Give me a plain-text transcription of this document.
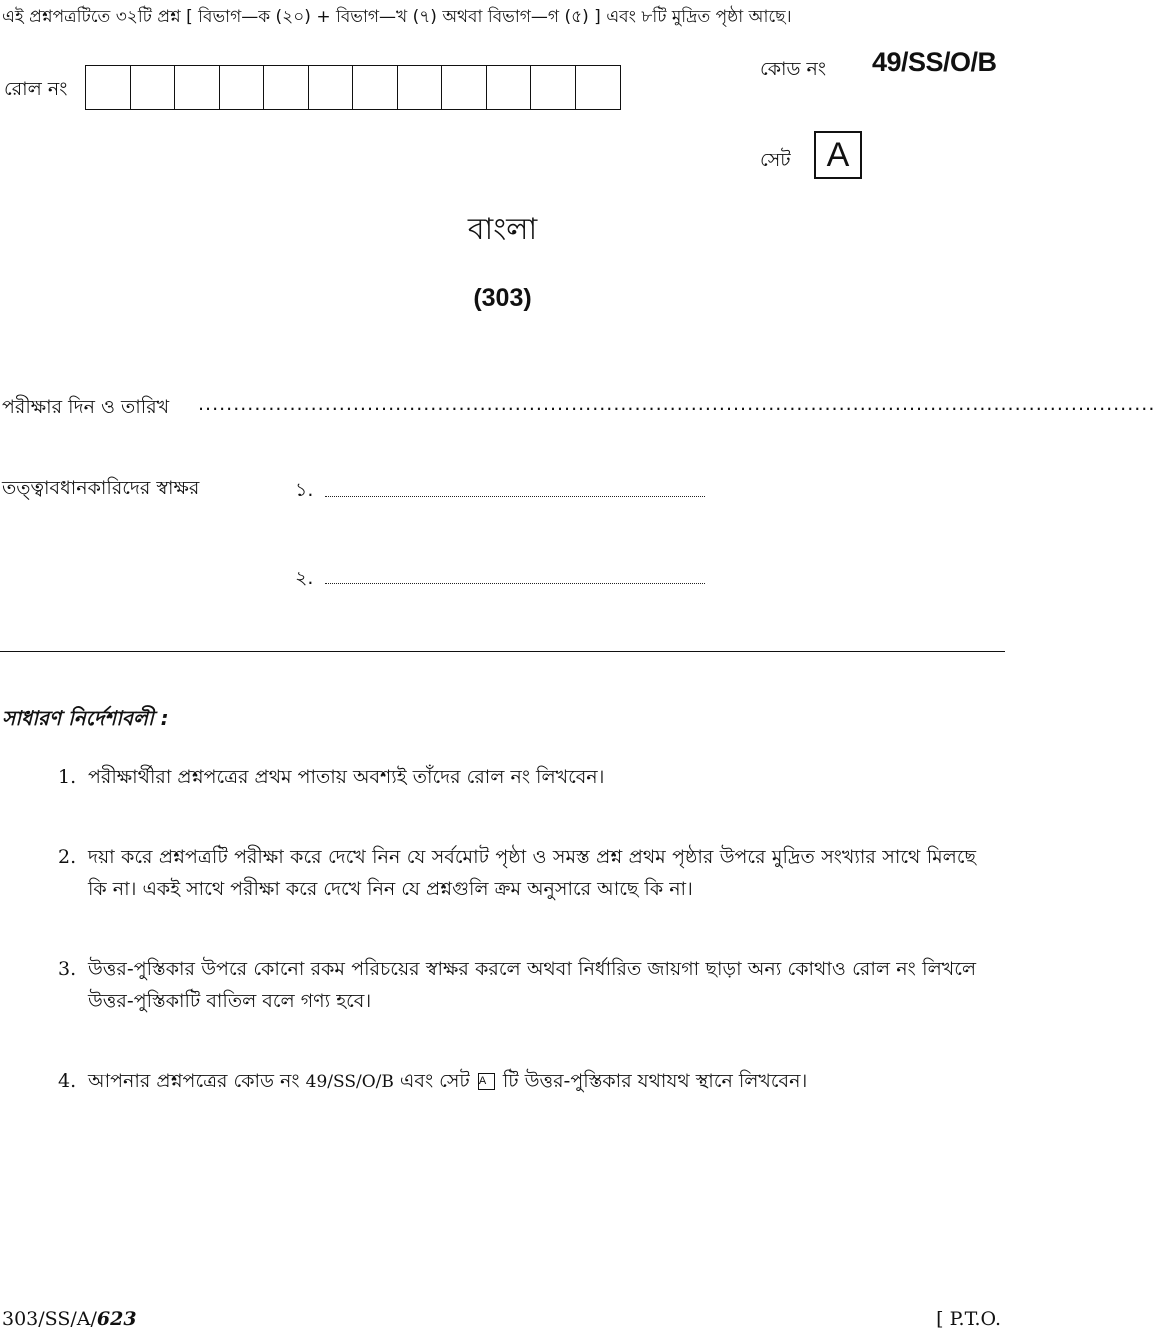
এই প্রশ্নপত্রটিতে ৩২টি প্রশ্ন [ বিভাগ—ক (২০) + বিভাগ—খ (৭) অথবা বিভাগ—গ (৫) ] এবং ৮টি মুদ্রিত পৃষ্ঠা আছে।
রোল নং
কোড নং 49/SS/O/B
সেট	A
বাংলা
(303)
পরীক্ষার দিন ও তারিখ ........................................................................................................................................
তত্ত্বাবধানকারিদের স্বাক্ষর	১.
২.
সাধারণ নির্দেশাবলী :
1. পরীক্ষার্থীরা প্রশ্নপত্রের প্রথম পাতায় অবশ্যই তাঁদের রোল নং লিখবেন।
2. দয়া করে প্রশ্নপত্রটি পরীক্ষা করে দেখে নিন যে সর্বমোট পৃষ্ঠা ও সমস্ত প্রশ্ন প্রথম পৃষ্ঠার উপরে মুদ্রিত সংখ্যার সাথে মিলছে কি না। একই সাথে পরীক্ষা করে দেখে নিন যে প্রশ্নগুলি ক্রম অনুসারে আছে কি না।
3. উত্তর-পুস্তিকার উপরে কোনো রকম পরিচয়ের স্বাক্ষর করলে অথবা নির্ধারিত জায়গা ছাড়া অন্য কোথাও রোল নং লিখলে উত্তর-পুস্তিকাটি বাতিল বলে গণ্য হবে।
4. আপনার প্রশ্নপত্রের কোড নং 49/SS/O/B এবং সেট A টি উত্তর-পুস্তিকার যথাযথ স্থানে লিখবেন।
303/SS/A/623	[ P.T.O.
